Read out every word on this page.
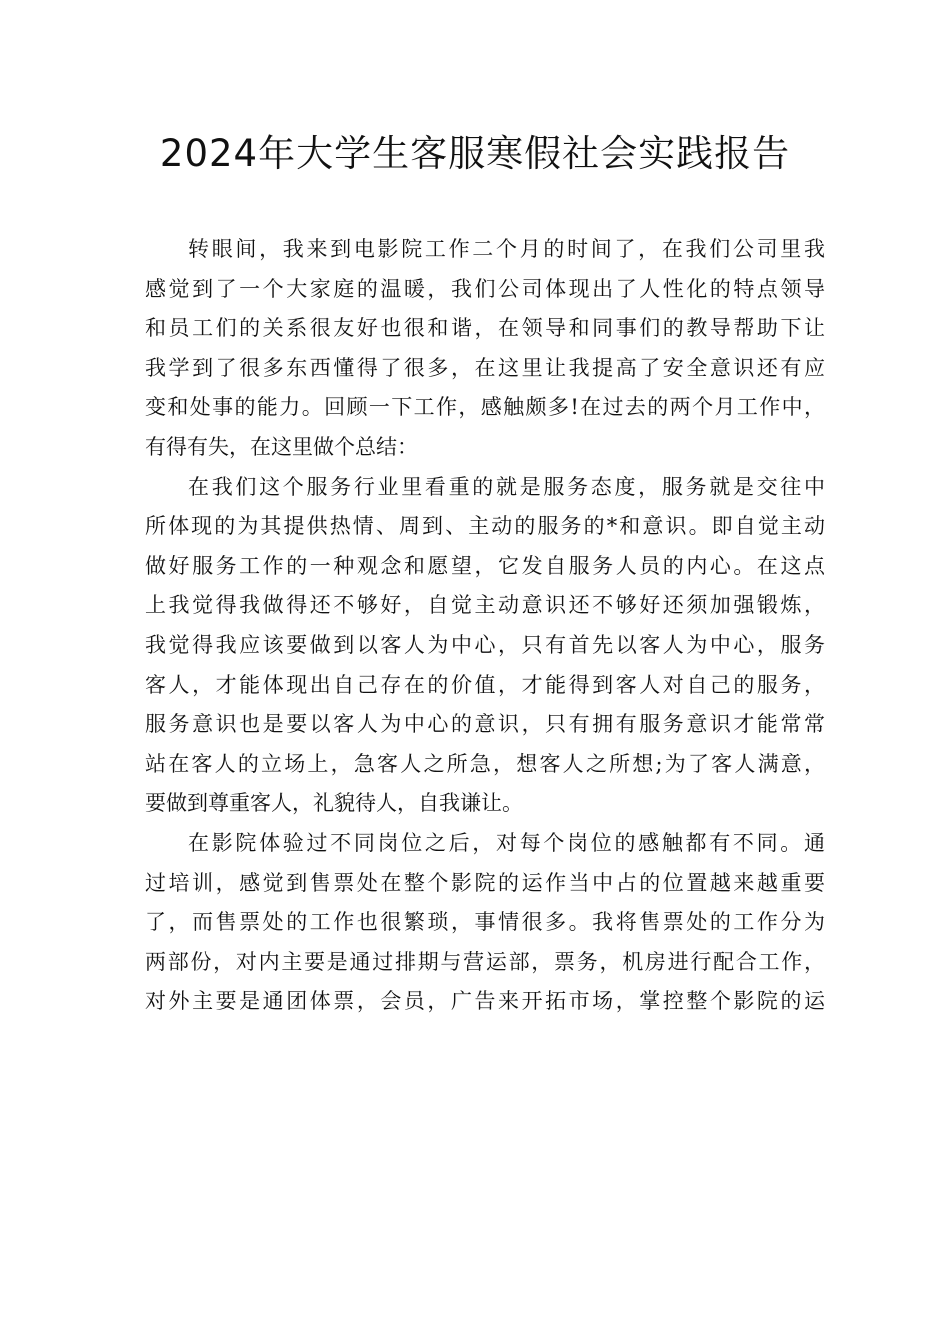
2024年大学生客服寒假社会实践报告
转眼间，我来到电影院工作二个月的时间了，在我们公司里我
感觉到了一个大家庭的温暖，我们公司体现出了人性化的特点领导
和员工们的关系很友好也很和谐，在领导和同事们的教导帮助下让
我学到了很多东西懂得了很多，在这里让我提高了安全意识还有应
变和处事的能力。回顾一下工作，感触颇多!在过去的两个月工作中，
有得有失，在这里做个总结：
在我们这个服务行业里看重的就是服务态度，服务就是交往中
所体现的为其提供热情、周到、主动的服务的*和意识。即自觉主动
做好服务工作的一种观念和愿望，它发自服务人员的内心。在这点
上我觉得我做得还不够好，自觉主动意识还不够好还须加强锻炼，
我觉得我应该要做到以客人为中心，只有首先以客人为中心，服务
客人，才能体现出自己存在的价值，才能得到客人对自己的服务，
服务意识也是要以客人为中心的意识，只有拥有服务意识才能常常
站在客人的立场上，急客人之所急，想客人之所想;为了客人满意，
要做到尊重客人，礼貌待人，自我谦让。
在影院体验过不同岗位之后，对每个岗位的感触都有不同。通
过培训，感觉到售票处在整个影院的运作当中占的位置越来越重要
了，而售票处的工作也很繁琐，事情很多。我将售票处的工作分为
两部份，对内主要是通过排期与营运部，票务，机房进行配合工作，
对外主要是通团体票，会员，广告来开拓市场，掌控整个影院的运
